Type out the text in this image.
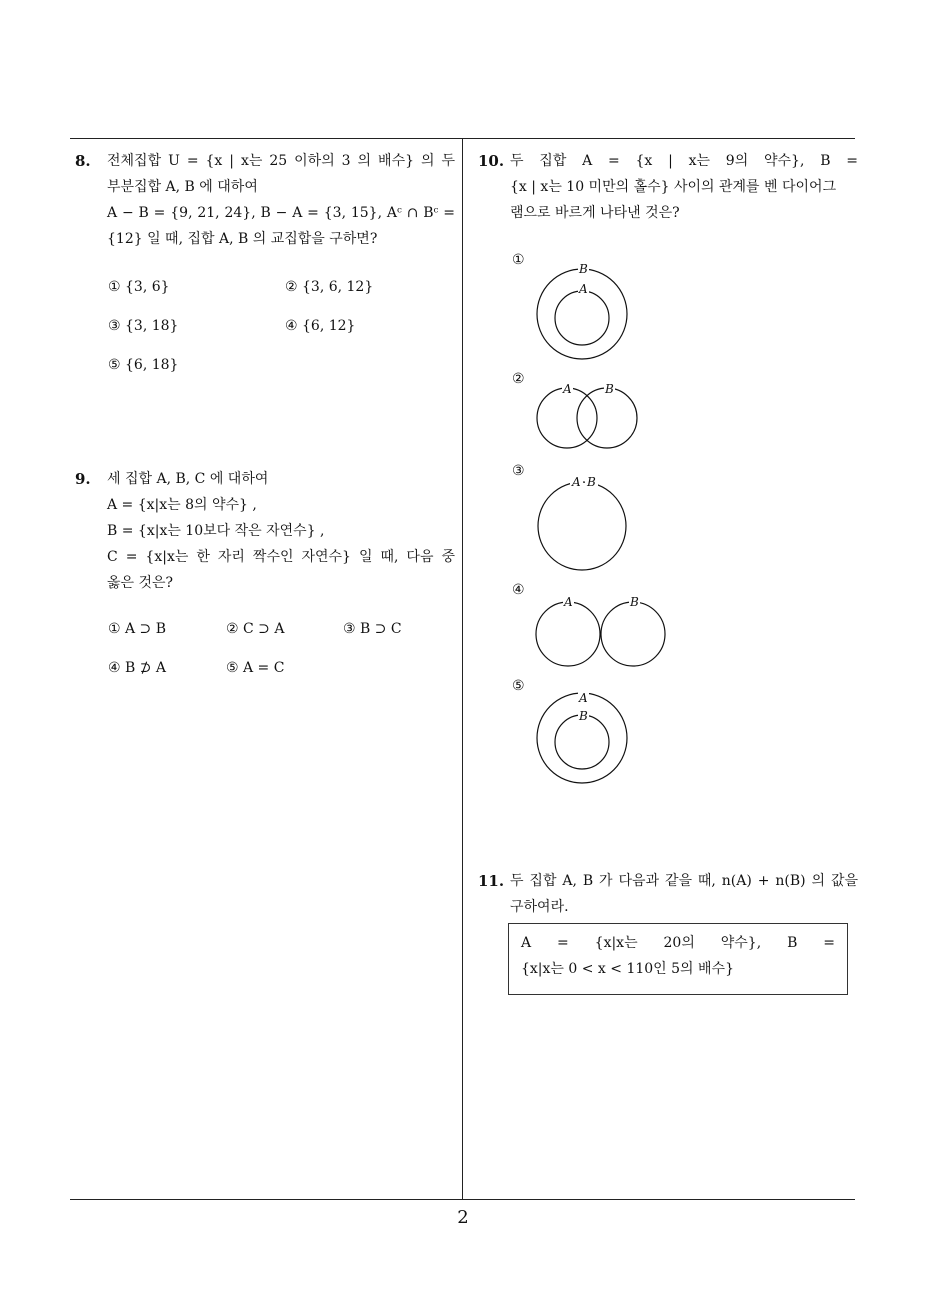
8. 전체집합 U = {x | x는 25 이하의 3 의 배수} 의 두
부분집합 A, B 에 대하여
A − B = {9, 21, 24}, B − A = {3, 15}, Aᶜ ∩ Bᶜ =
{12} 일 때, 집합 A, B 의 교집합을 구하면?
① {3, 6}	② {3, 6, 12}
③ {3, 18}	④ {6, 12}
⑤ {6, 18}
9. 세 집합 A, B, C 에 대하여
A = {x|x는 8의 약수} ,
B = {x|x는 10보다 작은 자연수} ,
C = {x|x는 한 자리 짝수인 자연수} 일 때, 다음 중
옳은 것은?
① A ⊃ B	② C ⊃ A	③ B ⊃ C
④ B ⊅ A	⑤ A = C
10. 두 집합 A = {x | x는 9의 약수}, B =
{x | x는 10 미만의 홀수} 사이의 관계를 벤 다이어그
램으로 바르게 나타낸 것은?
①
B
A
②
A	B
③
A B
④
A	B
⑤
A
B
11. 두 집합 A, B 가 다음과 같을 때, n(A) + n(B) 의 값을
구하여라.
A = {x|x는 20의 약수}, B =
{x|x는 0 < x < 110인 5의 배수}
2
